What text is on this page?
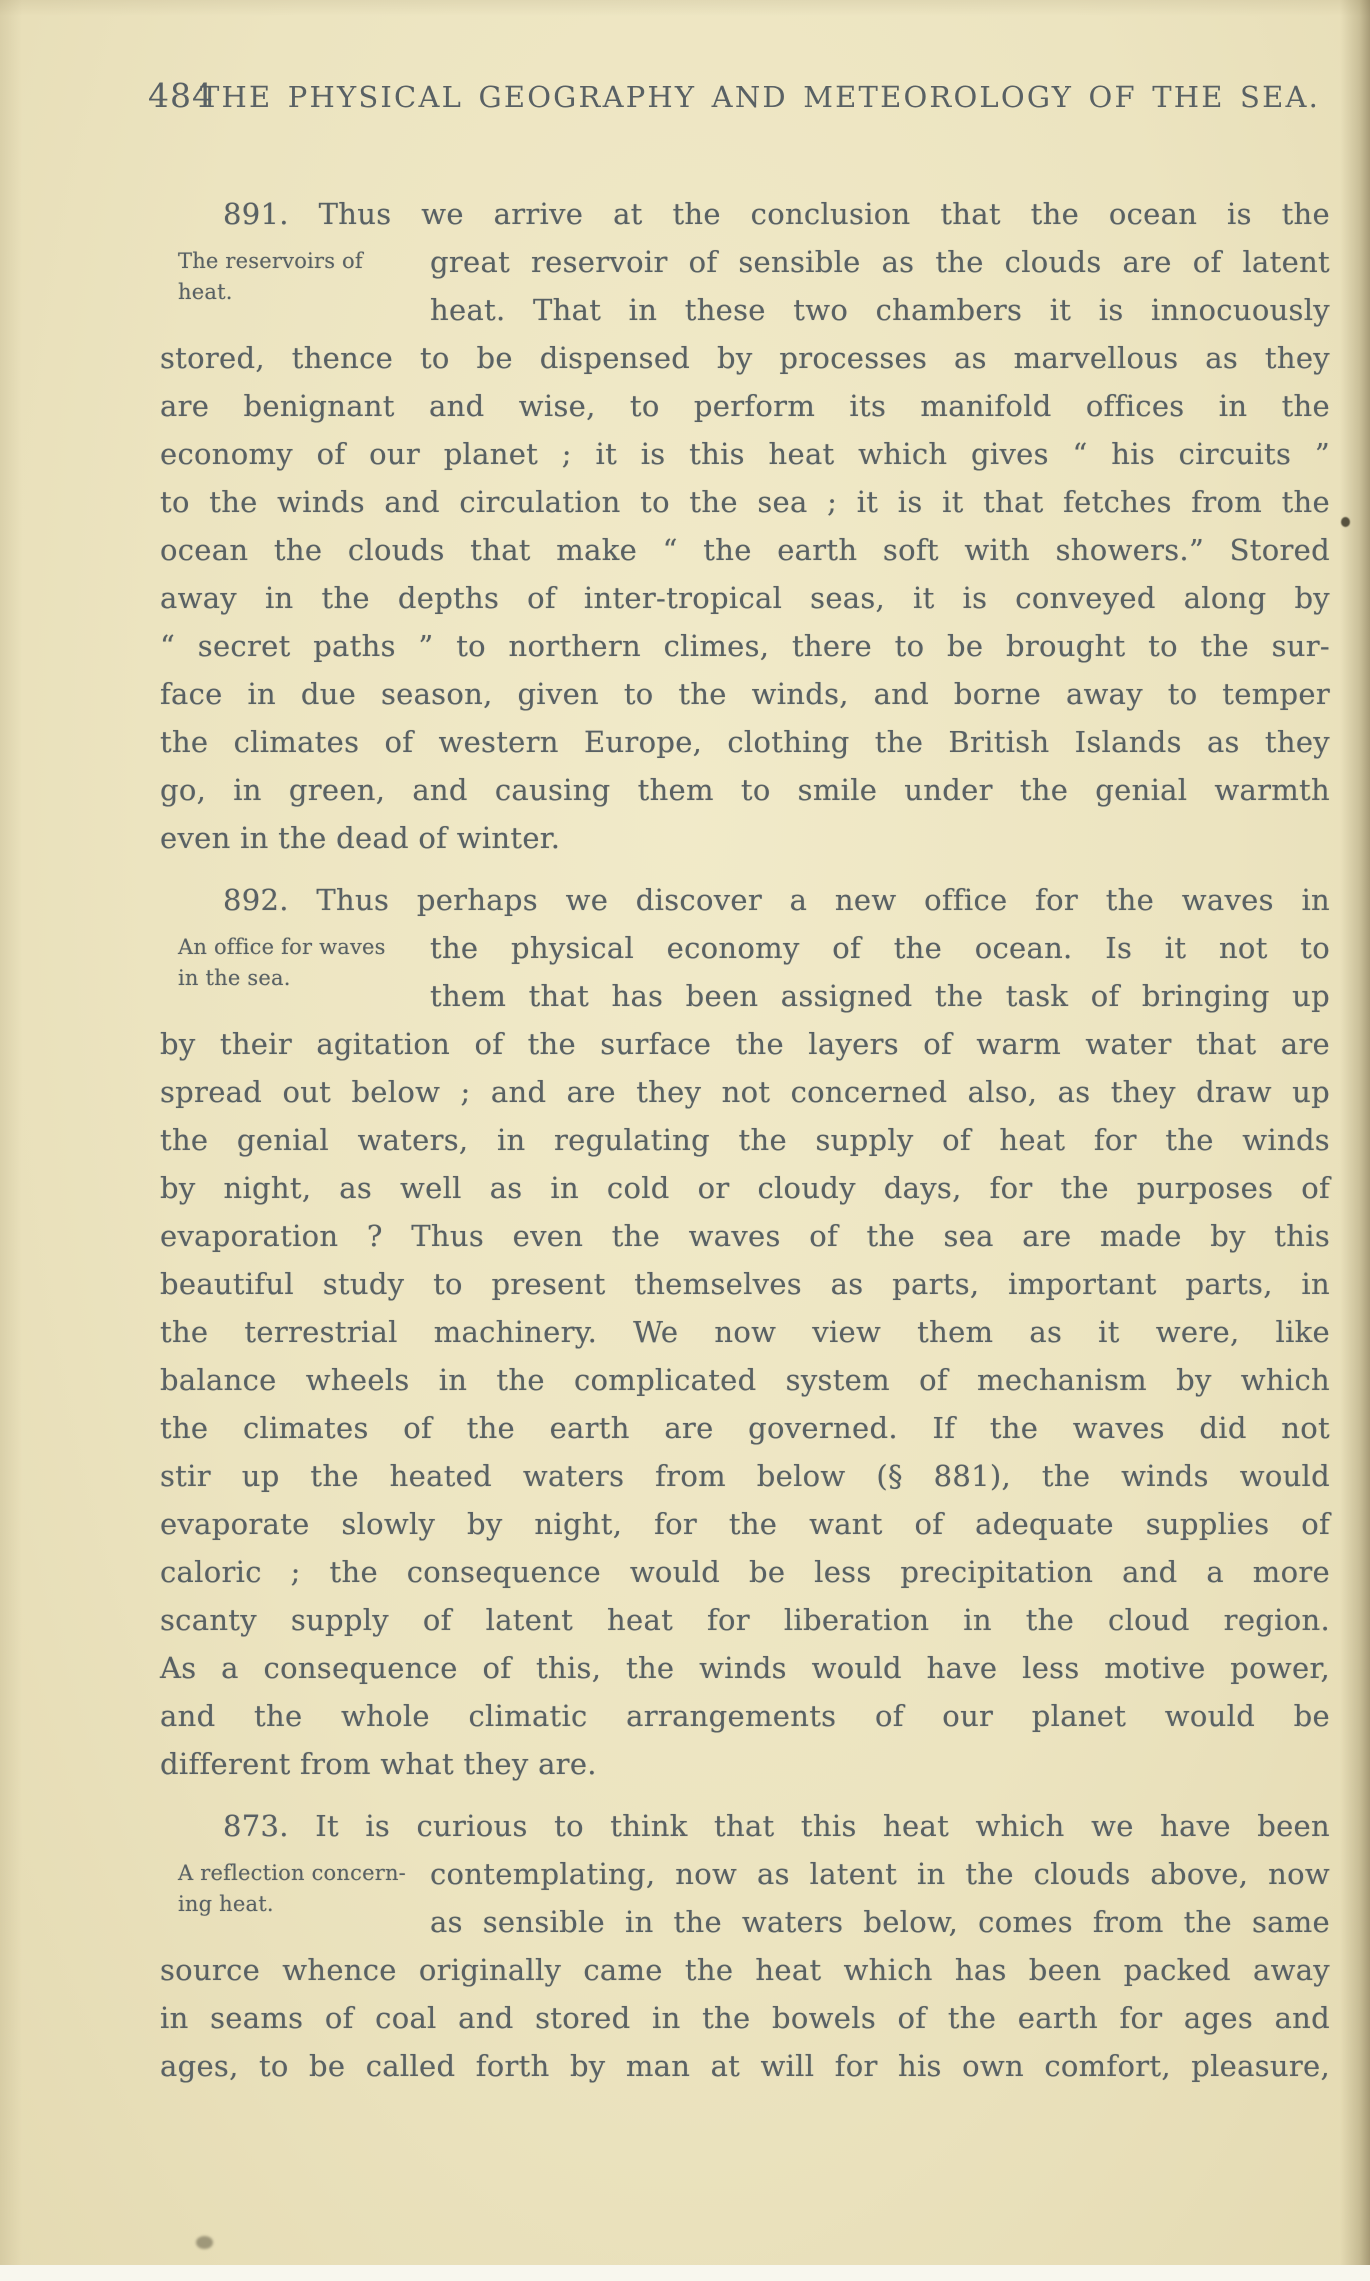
484
THE PHYSICAL GEOGRAPHY AND METEOROLOGY OF THE SEA.
The reservoirs of
heat.
891. Thus we arrive at the conclusion that the ocean is the
great reservoir of sensible as the clouds are of latent
heat. That in these two chambers it is innocuously
stored, thence to be dispensed by processes as marvellous as they
are benignant and wise, to perform its manifold offices in the
economy of our planet ; it is this heat which gives “ his circuits ”
to the winds and circulation to the sea ; it is it that fetches from the
ocean the clouds that make “ the earth soft with showers.” Stored
away in the depths of inter-tropical seas, it is conveyed along by
“ secret paths ” to northern climes, there to be brought to the sur-
face in due season, given to the winds, and borne away to temper
the climates of western Europe, clothing the British Islands as they
go, in green, and causing them to smile under the genial warmth
even in the dead of winter.
An office for waves
in the sea.
892. Thus perhaps we discover a new office for the waves in
the physical economy of the ocean. Is it not to
them that has been assigned the task of bringing up
by their agitation of the surface the layers of warm water that are
spread out below ; and are they not concerned also, as they draw up
the genial waters, in regulating the supply of heat for the winds
by night, as well as in cold or cloudy days, for the purposes of
evaporation ? Thus even the waves of the sea are made by this
beautiful study to present themselves as parts, important parts, in
the terrestrial machinery. We now view them as it were, like
balance wheels in the complicated system of mechanism by which
the climates of the earth are governed. If the waves did not
stir up the heated waters from below (§ 881), the winds would
evaporate slowly by night, for the want of adequate supplies of
caloric ; the consequence would be less precipitation and a more
scanty supply of latent heat for liberation in the cloud region.
As a consequence of this, the winds would have less motive power,
and the whole climatic arrangements of our planet would be
different from what they are.
A reflection concern-
ing heat.
873. It is curious to think that this heat which we have been
contemplating, now as latent in the clouds above, now
as sensible in the waters below, comes from the same
source whence originally came the heat which has been packed away
in seams of coal and stored in the bowels of the earth for ages and
ages, to be called forth by man at will for his own comfort, pleasure,
